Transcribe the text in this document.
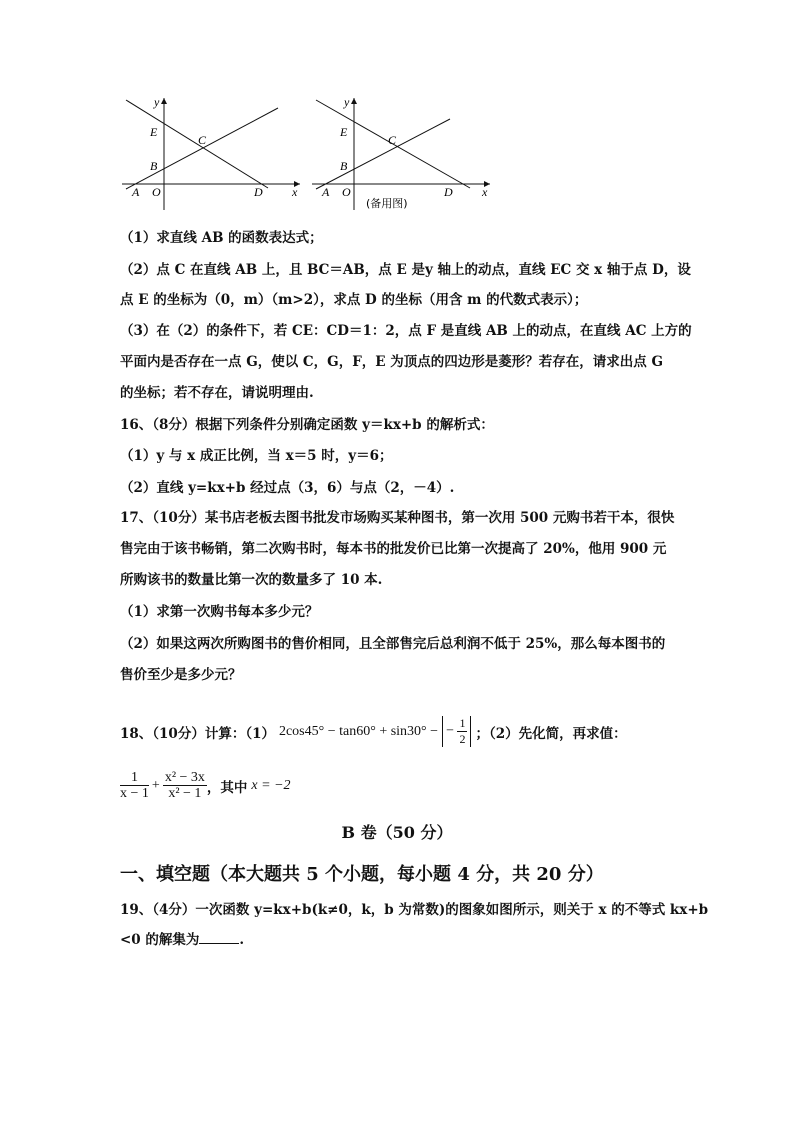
y
E
C
B
A O	D x
y
E
C
B
A O	D x
(备用图)
（1）求直线 AB 的函数表达式；
（2）点 C 在直线 AB 上，且 BC＝AB，点 E 是y 轴上的动点，直线 EC 交 x 轴于点 D，设
点 E 的坐标为（0，m）（m>2），求点 D 的坐标（用含 m 的代数式表示）；
（3）在（2）的条件下，若 CE：CD＝1：2，点 F 是直线 AB 上的动点，在直线 AC 上方的
平面内是否存在一点 G，使以 C，G，F，E 为顶点的四边形是菱形？若存在，请求出点 G
的坐标；若不存在，请说明理由.
16、（8分）根据下列条件分别确定函数 y＝kx+b 的解析式：
（1）y 与 x 成正比例，当 x＝5 时，y＝6；
（2）直线 y=kx+b 经过点（3，6）与点（2，－4）.
17、（10分）某书店老板去图书批发市场购买某种图书，第一次用 500 元购书若干本，很快
售完由于该书畅销，第二次购书时，每本书的批发价已比第一次提高了 20%，他用 900 元
所购该书的数量比第一次的数量多了 10 本.
（1）求第一次购书每本多少元？
（2）如果这两次所购图书的售价相同，且全部售完后总利润不低于 25%，那么每本图书的
售价至少是多少元？
18、（10分）计算：（1） 2cos45° − tan60° + sin30° − − $\frac{1}{2}$ ；（2）先化简，再求值：
$\frac{1}{x - 1} + \frac{\text{x² − 3x}}{\text{x² − 1}}$ ，其中 x = −2
B 卷（50 分）
一、填空题（本大题共 5 个小题，每小题 4 分，共 20 分）
19、（4分）一次函数 y=kx+b(k≠0，k，b 为常数)的图象如图所示，则关于 x 的不等式 kx+b
<0 的解集为	.
